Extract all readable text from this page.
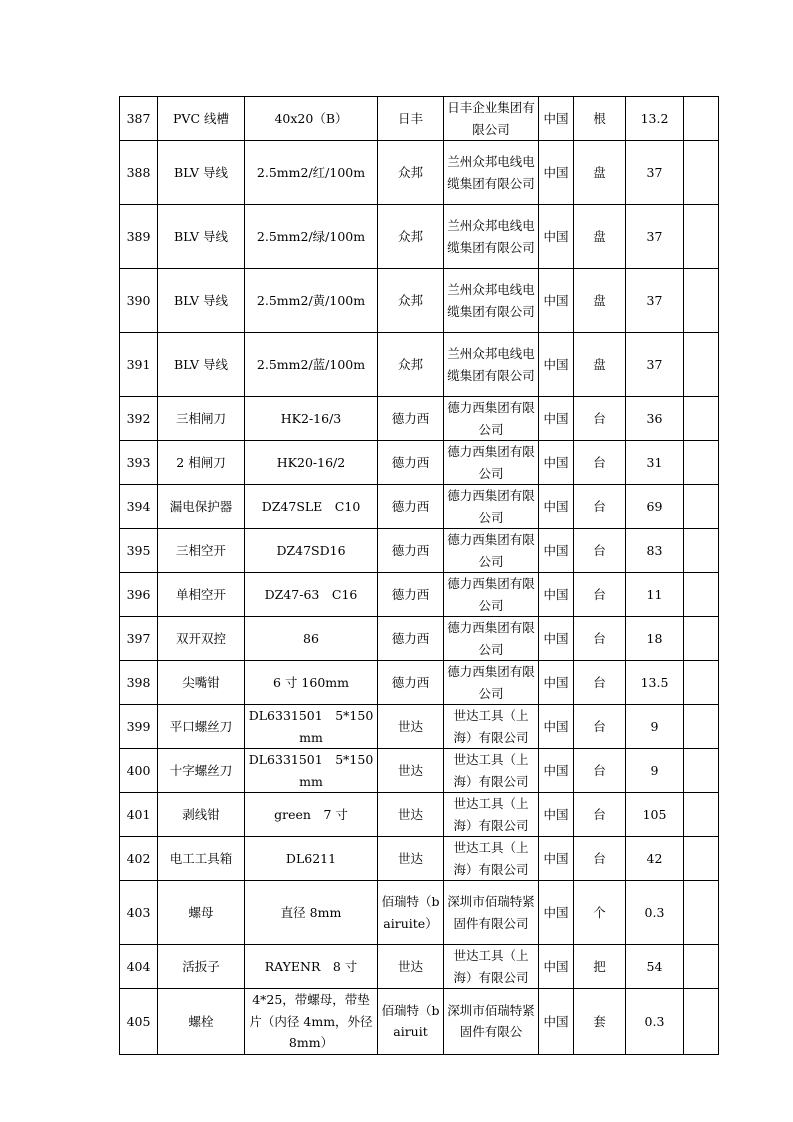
387	PVC 线槽	40x20（B）	日丰	日丰企业集团有限公司	中国	根	13.2	
388	BLV 导线	2.5mm2/红/100m	众邦	兰州众邦电线电缆集团有限公司	中国	盘	37	
389	BLV 导线	2.5mm2/绿/100m	众邦	兰州众邦电线电缆集团有限公司	中国	盘	37	
390	BLV 导线	2.5mm2/黄/100m	众邦	兰州众邦电线电缆集团有限公司	中国	盘	37	
391	BLV 导线	2.5mm2/蓝/100m	众邦	兰州众邦电线电缆集团有限公司	中国	盘	37	
392	三相闸刀	HK2-16/3	德力西	德力西集团有限公司	中国	台	36	
393	2 相闸刀	HK20-16/2	德力西	德力西集团有限公司	中国	台	31	
394	漏电保护器	DZ47SLE　C10	德力西	德力西集团有限公司	中国	台	69	
395	三相空开	DZ47SD16	德力西	德力西集团有限公司	中国	台	83	
396	单相空开	DZ47-63　C16	德力西	德力西集团有限公司	中国	台	11	
397	双开双控	86	德力西	德力西集团有限公司	中国	台	18	
398	尖嘴钳	6 寸 160mm	德力西	德力西集团有限公司	中国	台	13.5	
399	平口螺丝刀	DL6331501　5*150mm	世达	世达工具（上海）有限公司	中国	台	9	
400	十字螺丝刀	DL6331501　5*150mm	世达	世达工具（上海）有限公司	中国	台	9	
401	剥线钳	green　7 寸	世达	世达工具（上海）有限公司	中国	台	105	
402	电工工具箱	DL6211	世达	世达工具（上海）有限公司	中国	台	42	
403	螺母	直径 8mm	佰瑞特（bairuite）	深圳市佰瑞特紧固件有限公司	中国	个	0.3	
404	活扳子	RAYENR　8 寸	世达	世达工具（上海）有限公司	中国	把	54	
405	螺栓	4*25，带螺母，带垫片（内径 4mm，外径 8mm）	佰瑞特（bairuit	深圳市佰瑞特紧固件有限公	中国	套	0.3	
